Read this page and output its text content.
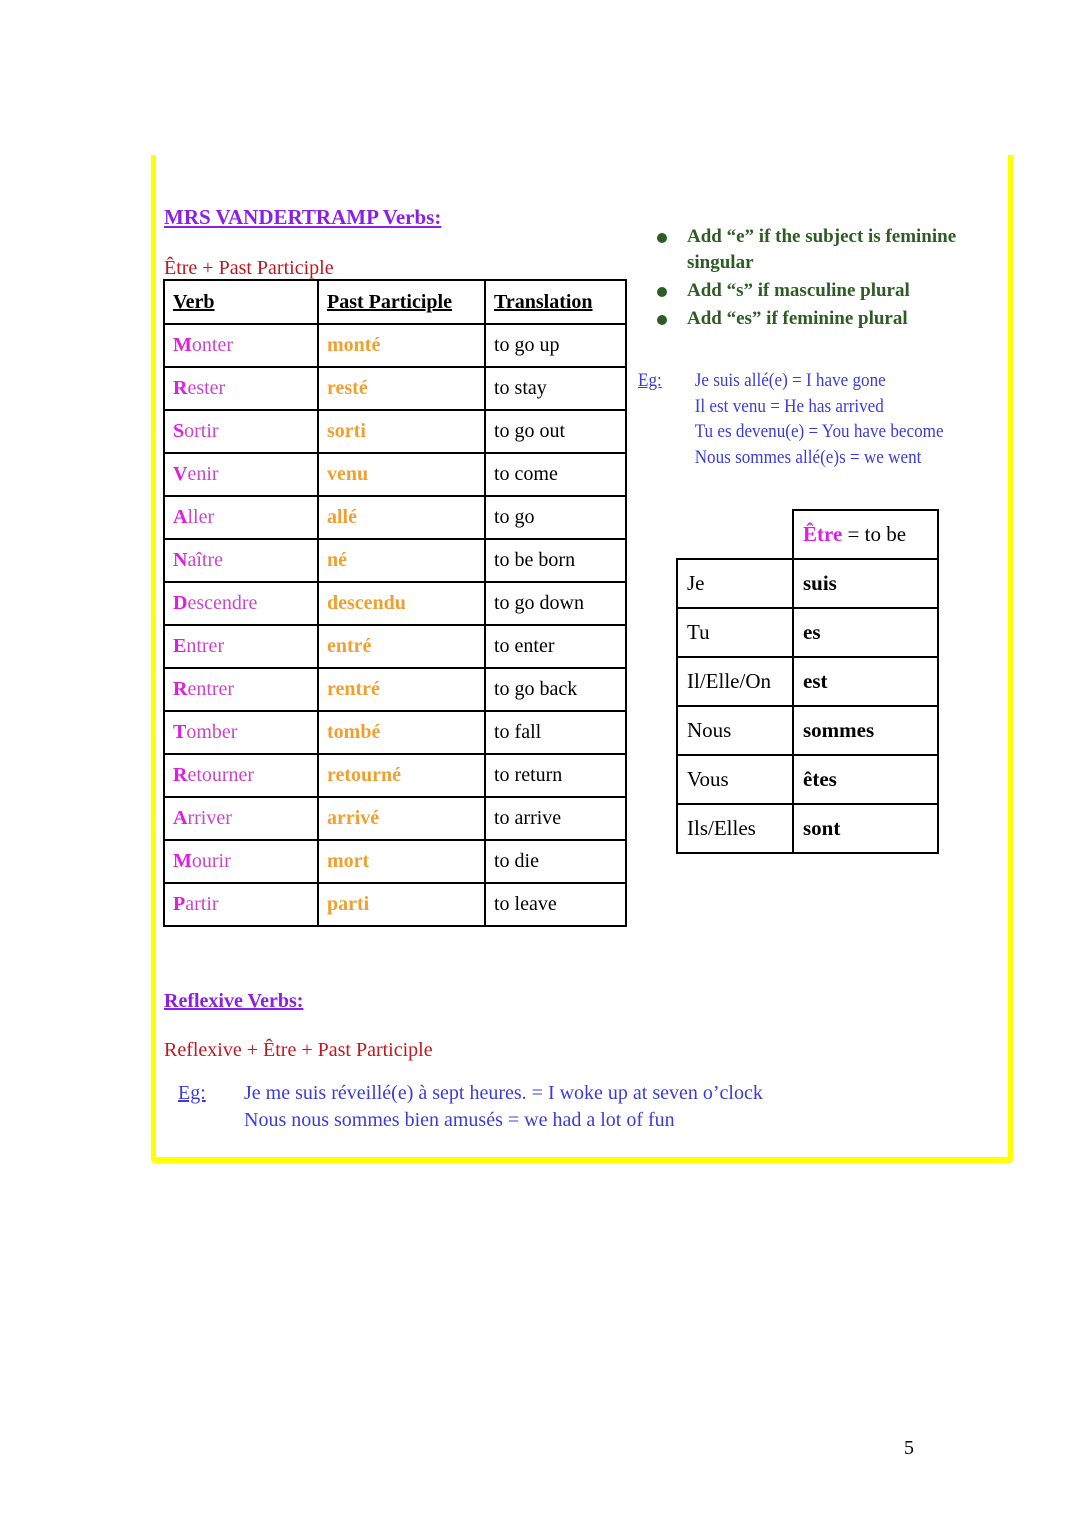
MRS VANDERTRAMP Verbs:
Être + Past Participle
Verb	Past Participle	Translation
Monter	monté	to go up
Rester	resté	to stay
Sortir	sorti	to go out
Venir	venu	to come
Aller	allé	to go
Naître	né	to be born
Descendre	descendu	to go down
Entrer	entré	to enter
Rentrer	rentré	to go back
Tomber	tombé	to fall
Retourner	retourné	to return
Arriver	arrivé	to arrive
Mourir	mort	to die
Partir	parti	to leave
Add “e” if the subject is feminine singular
Add “s” if masculine plural
Add “es” if feminine plural
Eg: Je suis allé(e) = I have gone
Il est venu = He has arrived
Tu es devenu(e) = You have become
Nous sommes allé(e)s = we went
	Être = to be
Je	suis
Tu	es
Il/Elle/On	est
Nous	sommes
Vous	êtes
Ils/Elles	sont
Reflexive Verbs:
Reflexive + Être + Past Participle
Eg: Je me suis réveillé(e) à sept heures. = I woke up at seven o’clock
Nous nous sommes bien amusés = we had a lot of fun
5
